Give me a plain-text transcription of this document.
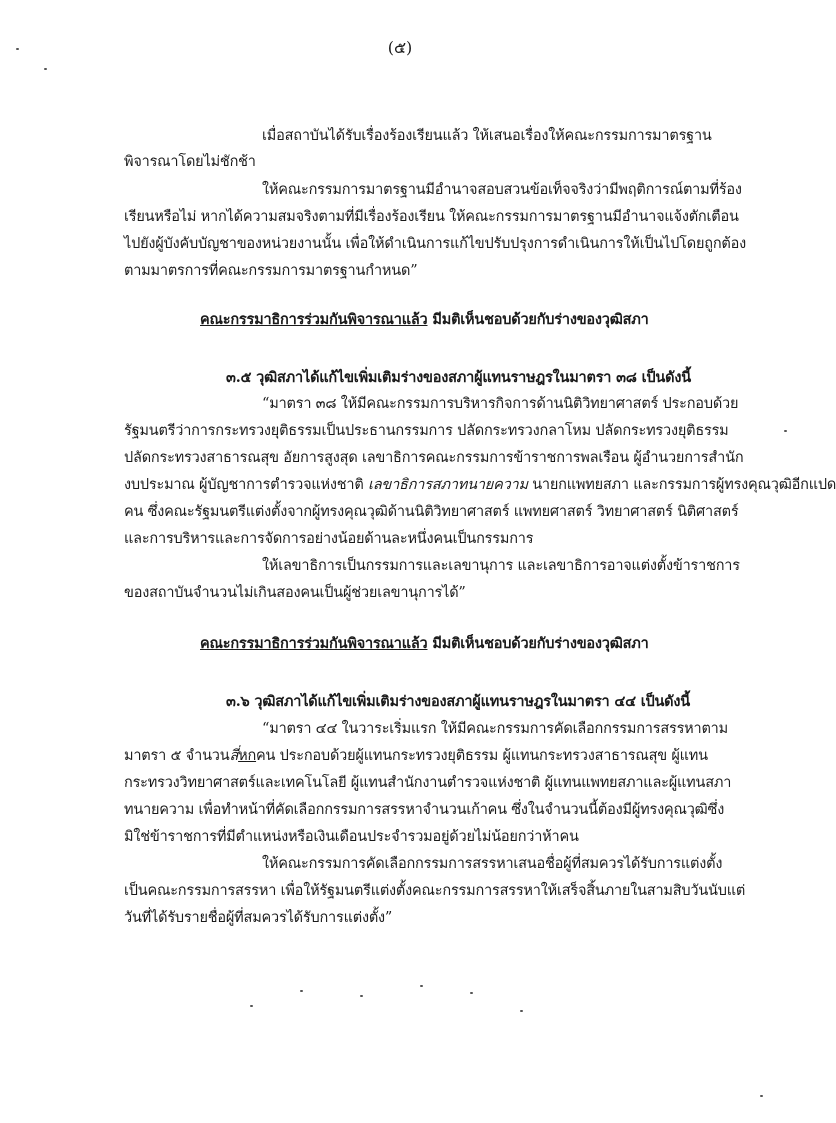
(๕)
เมื่อสถาบันได้รับเรื่องร้องเรียนแล้ว ให้เสนอเรื่องให้คณะกรรมการมาตรฐาน
พิจารณาโดยไม่ชักช้า
ให้คณะกรรมการมาตรฐานมีอำนาจสอบสวนข้อเท็จจริงว่ามีพฤติการณ์ตามที่ร้อง
เรียนหรือไม่ หากได้ความสมจริงตามที่มีเรื่องร้องเรียน ให้คณะกรรมการมาตรฐานมีอำนาจแจ้งตักเตือน
ไปยังผู้บังคับบัญชาของหน่วยงานนั้น เพื่อให้ดำเนินการแก้ไขปรับปรุงการดำเนินการให้เป็นไปโดยถูกต้อง
ตามมาตรการที่คณะกรรมการมาตรฐานกำหนด”
คณะกรรมาธิการร่วมกันพิจารณาแล้ว มีมติเห็นชอบด้วยกับร่างของวุฒิสภา
๓.๕ วุฒิสภาได้แก้ไขเพิ่มเติมร่างของสภาผู้แทนราษฎรในมาตรา ๓๘ เป็นดังนี้
“มาตรา ๓๘ ให้มีคณะกรรมการบริหารกิจการด้านนิติวิทยาศาสตร์ ประกอบด้วย
รัฐมนตรีว่าการกระทรวงยุติธรรมเป็นประธานกรรมการ ปลัดกระทรวงกลาโหม ปลัดกระทรวงยุติธรรม
ปลัดกระทรวงสาธารณสุข อัยการสูงสุด เลขาธิการคณะกรรมการข้าราชการพลเรือน ผู้อำนวยการสำนัก
งบประมาณ ผู้บัญชาการตำรวจแห่งชาติ เลขาธิการสภาทนายความ นายกแพทยสภา และกรรมการผู้ทรงคุณวุฒิอีกแปด
คน ซึ่งคณะรัฐมนตรีแต่งตั้งจากผู้ทรงคุณวุฒิด้านนิติวิทยาศาสตร์ แพทยศาสตร์ วิทยาศาสตร์ นิติศาสตร์
และการบริหารและการจัดการอย่างน้อยด้านละหนึ่งคนเป็นกรรมการ
ให้เลขาธิการเป็นกรรมการและเลขานุการ และเลขาธิการอาจแต่งตั้งข้าราชการ
ของสถาบันจำนวนไม่เกินสองคนเป็นผู้ช่วยเลขานุการได้”
คณะกรรมาธิการร่วมกันพิจารณาแล้ว มีมติเห็นชอบด้วยกับร่างของวุฒิสภา
๓.๖ วุฒิสภาได้แก้ไขเพิ่มเติมร่างของสภาผู้แทนราษฎรในมาตรา ๔๔ เป็นดังนี้
“มาตรา ๔๔ ในวาระเริ่มแรก ให้มีคณะกรรมการคัดเลือกกรรมการสรรหาตาม
มาตรา ๕ จำนวนสี่หกคน ประกอบด้วยผู้แทนกระทรวงยุติธรรม ผู้แทนกระทรวงสาธารณสุข ผู้แทน
กระทรวงวิทยาศาสตร์และเทคโนโลยี ผู้แทนสำนักงานตำรวจแห่งชาติ ผู้แทนแพทยสภาและผู้แทนสภา
ทนายความ เพื่อทำหน้าที่คัดเลือกกรรมการสรรหาจำนวนเก้าคน ซึ่งในจำนวนนี้ต้องมีผู้ทรงคุณวุฒิซึ่ง
มิใช่ข้าราชการที่มีตำแหน่งหรือเงินเดือนประจำรวมอยู่ด้วยไม่น้อยกว่าห้าคน
ให้คณะกรรมการคัดเลือกกรรมการสรรหาเสนอชื่อผู้ที่สมควรได้รับการแต่งตั้ง
เป็นคณะกรรมการสรรหา เพื่อให้รัฐมนตรีแต่งตั้งคณะกรรมการสรรหาให้เสร็จสิ้นภายในสามสิบวันนับแต่
วันที่ได้รับรายชื่อผู้ที่สมควรได้รับการแต่งตั้ง”
